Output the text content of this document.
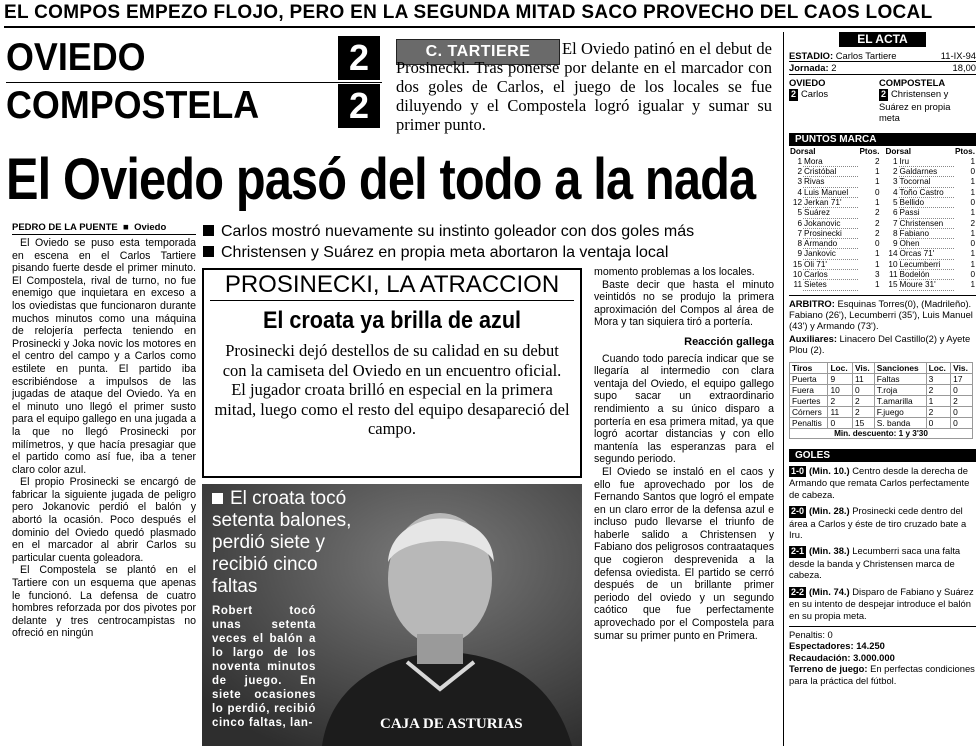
EL COMPOS EMPEZO FLOJO, PERO EN LA SEGUNDA MITAD SACO PROVECHO DEL CAOS LOCAL
OVIEDO	2
COMPOSTELA	2
C. TARTIERE	El Oviedo patinó en el debut de Prosinecki. Tras ponerse por delante en el marcador con dos goles de Carlos, el juego de los locales se fue diluyendo y el Compostela logró igualar y sumar su primer punto.
El Oviedo pasó del todo a la nada
PEDRO DE LA PUENTE  ■  Oviedo

El Oviedo se puso esta temporada en escena en el Carlos Tartiere pisando fuerte desde el primer minuto. El Compostela, rival de turno, no fue enemigo que inquietara en exceso a los oviedistas que funcionaron durante muchos minutos como una máquina de relojería perfecta teniendo en Prosinecki y Joka novic los motores en el centro del campo y a Carlos como estilete en punta. El partido iba escribiéndose a impulsos de las jugadas de ataque del Oviedo. Ya en el minuto uno llegó el primer susto para el equipo gallego en una jugada a la que no llegó Prosinecki por milímetros, y que hacía presagiar que el partido como así fue, iba a tener claro color azul.

El propio Prosinecki se encargó de fabricar la siguiente jugada de peligro pero Jokanovic perdió el balón y abortó la ocasión. Poco después el dominio del Oviedo quedó plasmado en el marcador al abrir Carlos su particular cuenta goleadora.

El Compostela se plantó en el Tartiere con un esquema que apenas le funcionó. La defensa de cuatro hombres reforzada por dos pivotes por delante y tres centrocampistas no ofreció en ningún

Carlos mostró nuevamente su instinto goleador con dos goles más
Christensen y Suárez en propia meta abortaron la ventaja local
PROSINECKI, LA ATRACCION
El croata ya brilla de azul
Prosinecki dejó destellos de su calidad en su debut con la camiseta del Oviedo en un encuentro oficial. El jugador croata brilló en especial en la primera mitad, luego como el resto del equipo desapareció del campo.
El croata tocó setenta balones, perdió siete y recibió cinco faltas
Robert tocó unas setenta veces el balón a lo largo de los noventa minutos de juego. En siete ocasiones lo perdió, recibió cinco faltas, lan-	CAJA DE ASTURIAS

momento problemas a los locales.

Baste decir que hasta el minuto veintidós no se produjo la primera aproximación del Compos al área de Mora y tan siquiera tiró a portería.

Reacción gallega

Cuando todo parecía indicar que se llegaría al intermedio con clara ventaja del Oviedo, el equipo gallego supo sacar un extraordinario rendimiento a su único disparo a portería en esa primera mitad, ya que logró acortar distancias y con ello mantenía las esperanzas para el segundo periodo.

El Oviedo se instaló en el caos y ello fue aprovechado por los de Fernando Santos que logró el empate en un claro error de la defensa azul e incluso pudo llevarse el triunfo de haberle salido a Christensen y Fabiano dos peligrosos contraataques que cogieron desprevenida a la defensa oviedista. El partido se cerró después de un brillante primer periodo del oviedo y un segundo caótico que fue perfectamente aprovechado por el Compostela para sumar su primer punto en Primera.

EL ACTA
ESTADIO: Carlos Tartiere	11-IX-94
Jornada: 2	18,00
OVIEDO
2 Carlos
COMPOSTELA
2 Christensen y Suárez en propia meta
PUNTOS MARCA
Dorsal		Ptos.
1	Mora	2
2	Cristóbal	1
3	Rivas	1
4	Luis Manuel	0
12	Jerkan 71'	1
5	Suárez	2
6	Jokanovic	2
7	Prosinecki	2
8	Armando	0
9	Jankovic	1
15	Oli 71'	1
10	Carlos	3
11	Sietes	1
Dorsal		Ptos.
1	Iru	1
2	Galdarnes	0
3	Tocornal	1
4	Toño Castro	1
5	Bellido	0
6	Passi	1
7	Christensen	2
8	Fabiano	1
9	Ohen	0
14	Orcas 71'	1
10	Lecumberri	1
11	Bodelón	0
15	Moure 31'	1
ARBITRO: Esquinas Torres(0), (Madrileño). Fabiano (26'), Lecumberri (35'), Luis Manuel (43') y Armando (73').
Auxiliares: Linacero Del Castillo(2) y Ayete Plou (2).
Tiros	Loc.	Vis.	Sanciones	Loc.	Vis.
Puerta	9	11	Faltas	3	17
Fuera	10	0	T.roja	2	0
Fuertes	2	2	T.amarilla	1	2
Córners	11	2	F.juego	2	0
Penaltis	0	15	S. banda	0	0
Min. descuento: 1 y 3'30
GOLES
1-0 (Min. 10.) Centro desde la derecha de Armando que remata Carlos perfectamente de cabeza.
2-0 (Min. 28.) Prosinecki cede dentro del área a Carlos y éste de tiro cruzado bate a Iru.
2-1 (Min. 38.) Lecumberri saca una falta desde la banda y Christensen marca de cabeza.
2-2 (Min. 74.) Disparo de Fabiano y Suárez en su intento de despejar introduce el balón en su propia meta.
Penaltis: 0
Espectadores: 14.250
Recaudación: 3.000.000
Terreno de juego: En perfectas condiciones para la práctica del fútbol.
